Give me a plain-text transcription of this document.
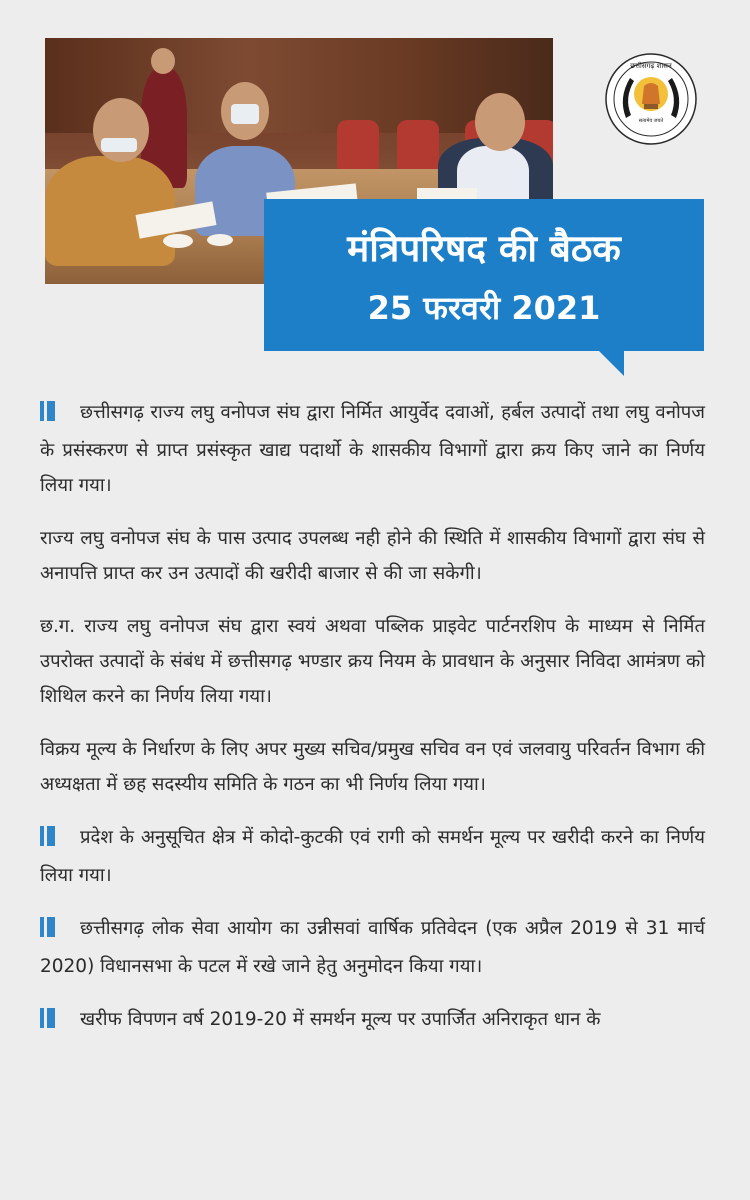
छत्तीसगढ़ शासन
सत्यमेव जयते
मंत्रिपरिषद की बैठक
25 फरवरी 2021
छत्तीसगढ़ राज्य लघु वनोपज संघ द्वारा निर्मित आयुर्वेद दवाओं, हर्बल उत्पादों तथा लघु वनोपज के प्रसंस्करण से प्राप्त प्रसंस्कृत खाद्य पदार्थो के शासकीय विभागों द्वारा क्रय किए जाने का निर्णय लिया गया।
राज्य लघु वनोपज संघ के पास उत्पाद उपलब्ध नही होने की स्थिति में शासकीय विभागों द्वारा संघ से अनापत्ति प्राप्त कर उन उत्पादों की खरीदी बाजार से की जा सकेगी।
छ.ग. राज्य लघु वनोपज संघ द्वारा स्वयं अथवा पब्लिक प्राइवेट पार्टनरशिप के माध्यम से निर्मित उपरोक्त उत्पादों के संबंध में छत्तीसगढ़ भण्डार क्रय नियम के प्रावधान के अनुसार निविदा आमंत्रण को शिथिल करने का निर्णय लिया गया।
विक्रय मूल्य के निर्धारण के लिए अपर मुख्य सचिव/प्रमुख सचिव वन एवं जलवायु परिवर्तन विभाग की अध्यक्षता में छह सदस्यीय समिति के गठन का भी निर्णय लिया गया।
प्रदेश के अनुसूचित क्षेत्र में कोदो-कुटकी एवं रागी को समर्थन मूल्य पर खरीदी करने का निर्णय लिया गया।
छत्तीसगढ़ लोक सेवा आयोग का उन्नीसवां वार्षिक प्रतिवेदन (एक अप्रैल 2019 से 31 मार्च 2020) विधानसभा के पटल में रखे जाने हेतु अनुमोदन किया गया।
खरीफ विपणन वर्ष 2019-20 में समर्थन मूल्य पर उपार्जित अनिराकृत धान के
